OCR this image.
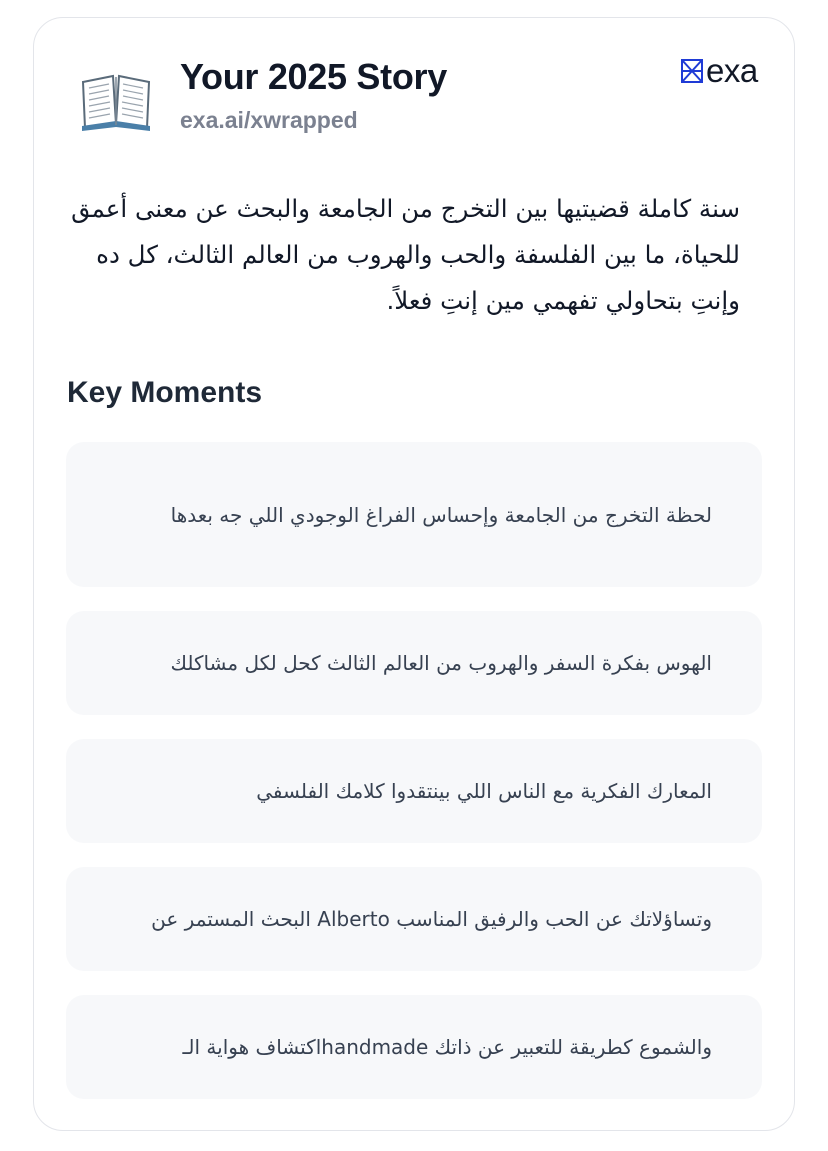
Your 2025 Story
exa.ai/xwrapped
exa
سنة كاملة قضيتيها بين التخرج من الجامعة والبحث عن معنى أعمق للحياة، ما بين الفلسفة والحب والهروب من العالم الثالث، كل ده وإنتِ بتحاولي تفهمي مين إنتِ فعلاً.
Key Moments
لحظة التخرج من الجامعة وإحساس الفراغ الوجودي اللي جه بعدها
الهوس بفكرة السفر والهروب من العالم الثالث كحل لكل مشاكلك
المعارك الفكرية مع الناس اللي بينتقدوا كلامك الفلسفي
وتساؤلاتك عن الحب والرفيق المناسب Alberto البحث المستمر عن
والشموع كطريقة للتعبير عن ذاتك handmadeاكتشاف هواية الـ
